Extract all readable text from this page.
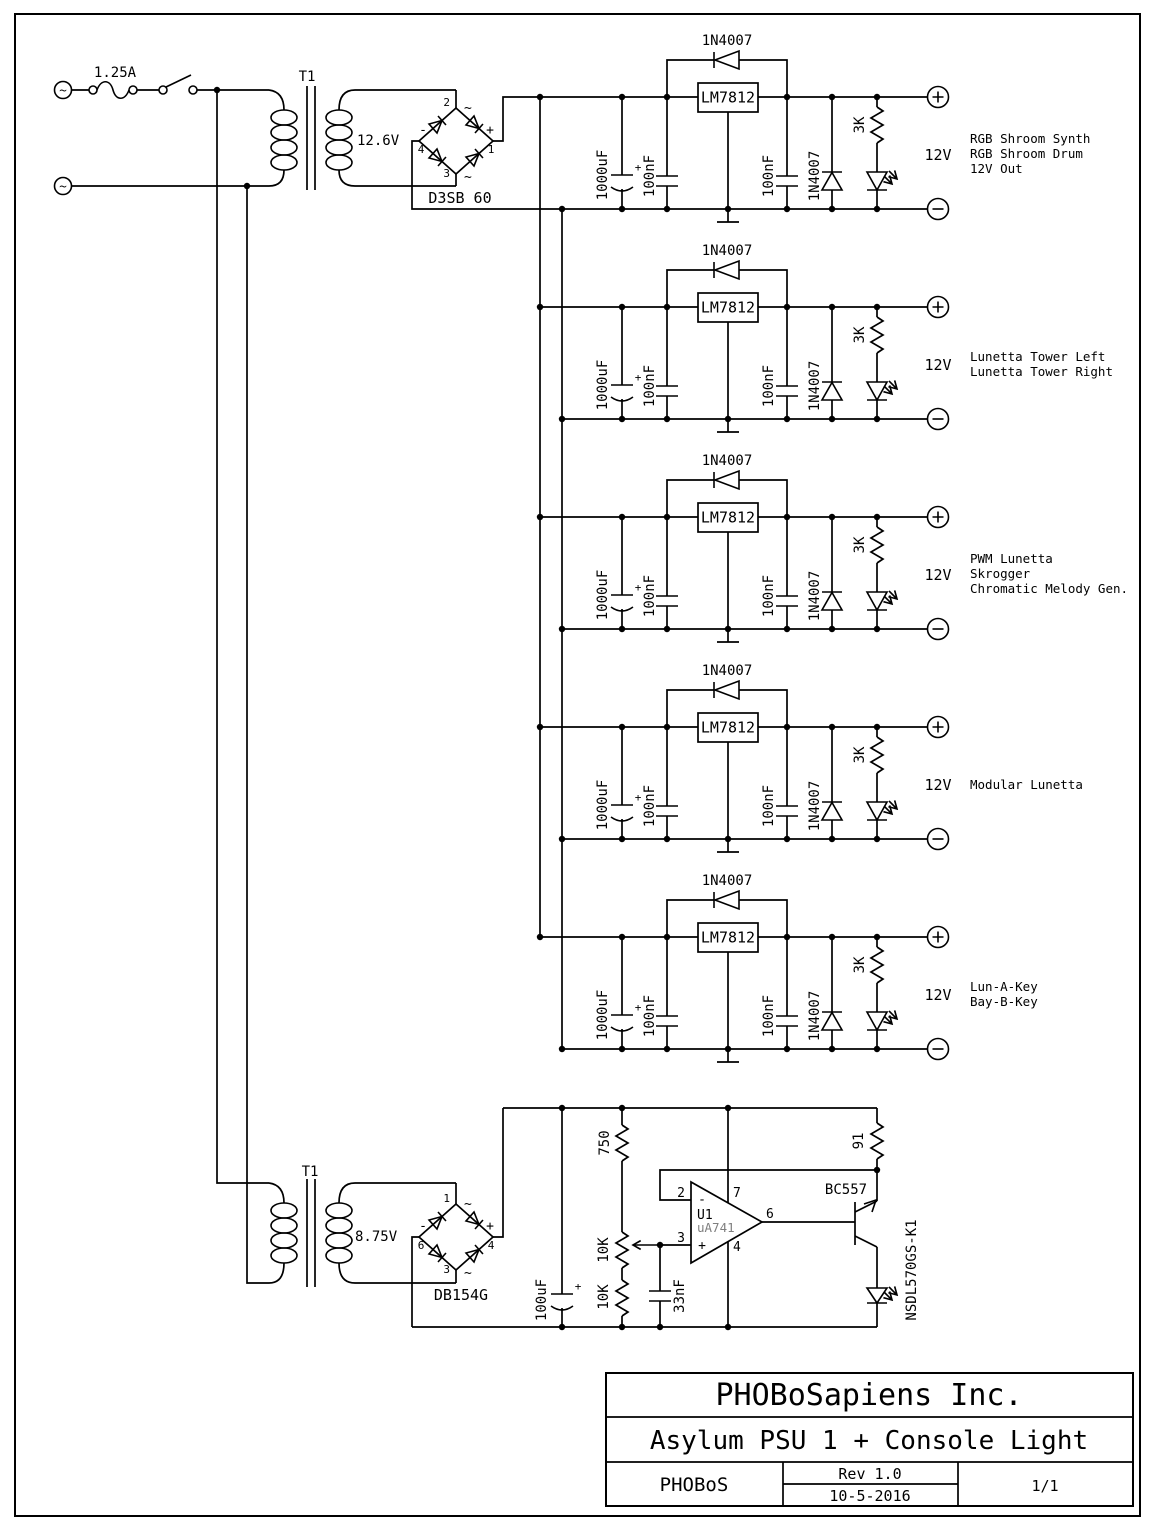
~
~
1.25A	T1
12.6V
2 ~
-
4
+
1
3 ~
D3SB 60
RGB Shroom Synth
RGB Shroom Drum
12V Out
Lunetta Tower Left
Lunetta Tower Right
PWM Lunetta
Skrogger
Chromatic Melody Gen.
Modular Lunetta
Lun-A-Key
Bay-B-Key
T1
8.75V
1 ~
-
6
+
4
3 ~
DB154G	+
100uF
750
10K
10K	33nF
2
3
-
+
U1
uA741
7
4
6
91
BC557
NSDL570GS-K1
PHOBoSapiens Inc.
Asylum PSU 1 + Console Light
PHOBoS	Rev 1.0
10-5-2016
1/1
